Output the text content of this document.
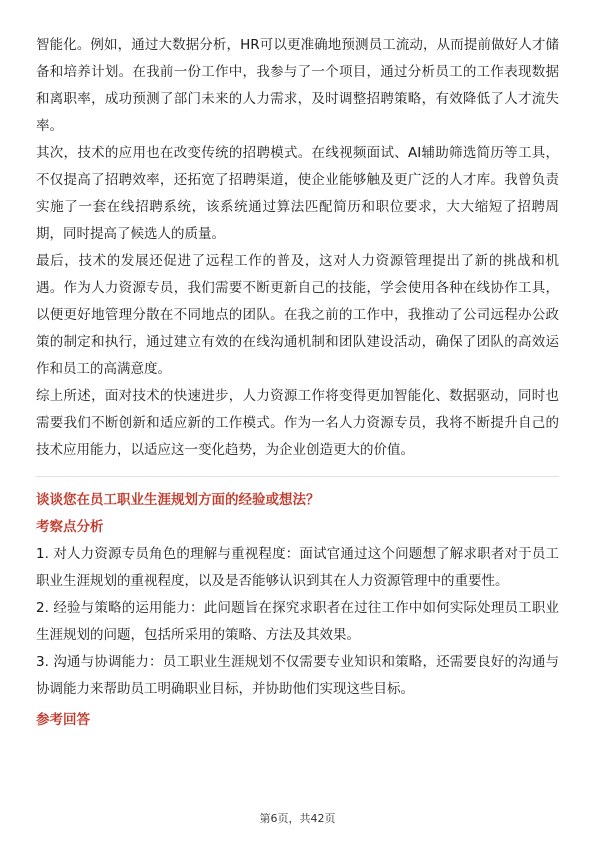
智能化。例如，通过大数据分析，HR可以更准确地预测员工流动，从而提前做好人才储备和培养计划。在我前一份工作中，我参与了一个项目，通过分析员工的工作表现数据和离职率，成功预测了部门未来的人力需求，及时调整招聘策略，有效降低了人才流失率。

其次，技术的应用也在改变传统的招聘模式。在线视频面试、AI辅助筛选简历等工具，不仅提高了招聘效率，还拓宽了招聘渠道，使企业能够触及更广泛的人才库。我曾负责实施了一套在线招聘系统，该系统通过算法匹配简历和职位要求，大大缩短了招聘周期，同时提高了候选人的质量。

最后，技术的发展还促进了远程工作的普及，这对人力资源管理提出了新的挑战和机遇。作为人力资源专员，我们需要不断更新自己的技能，学会使用各种在线协作工具，以便更好地管理分散在不同地点的团队。在我之前的工作中，我推动了公司远程办公政策的制定和执行，通过建立有效的在线沟通机制和团队建设活动，确保了团队的高效运作和员工的高满意度。

综上所述，面对技术的快速进步，人力资源工作将变得更加智能化、数据驱动，同时也需要我们不断创新和适应新的工作模式。作为一名人力资源专员，我将不断提升自己的技术应用能力，以适应这一变化趋势，为企业创造更大的价值。

谈谈您在员工职业生涯规划方面的经验或想法？

考察点分析

1. 对人力资源专员角色的理解与重视程度：面试官通过这个问题想了解求职者对于员工职业生涯规划的重视程度，以及是否能够认识到其在人力资源管理中的重要性。

2. 经验与策略的运用能力：此问题旨在探究求职者在过往工作中如何实际处理员工职业生涯规划的问题，包括所采用的策略、方法及其效果。

3. 沟通与协调能力：员工职业生涯规划不仅需要专业知识和策略，还需要良好的沟通与协调能力来帮助员工明确职业目标，并协助他们实现这些目标。

参考回答

第6页，共42页
